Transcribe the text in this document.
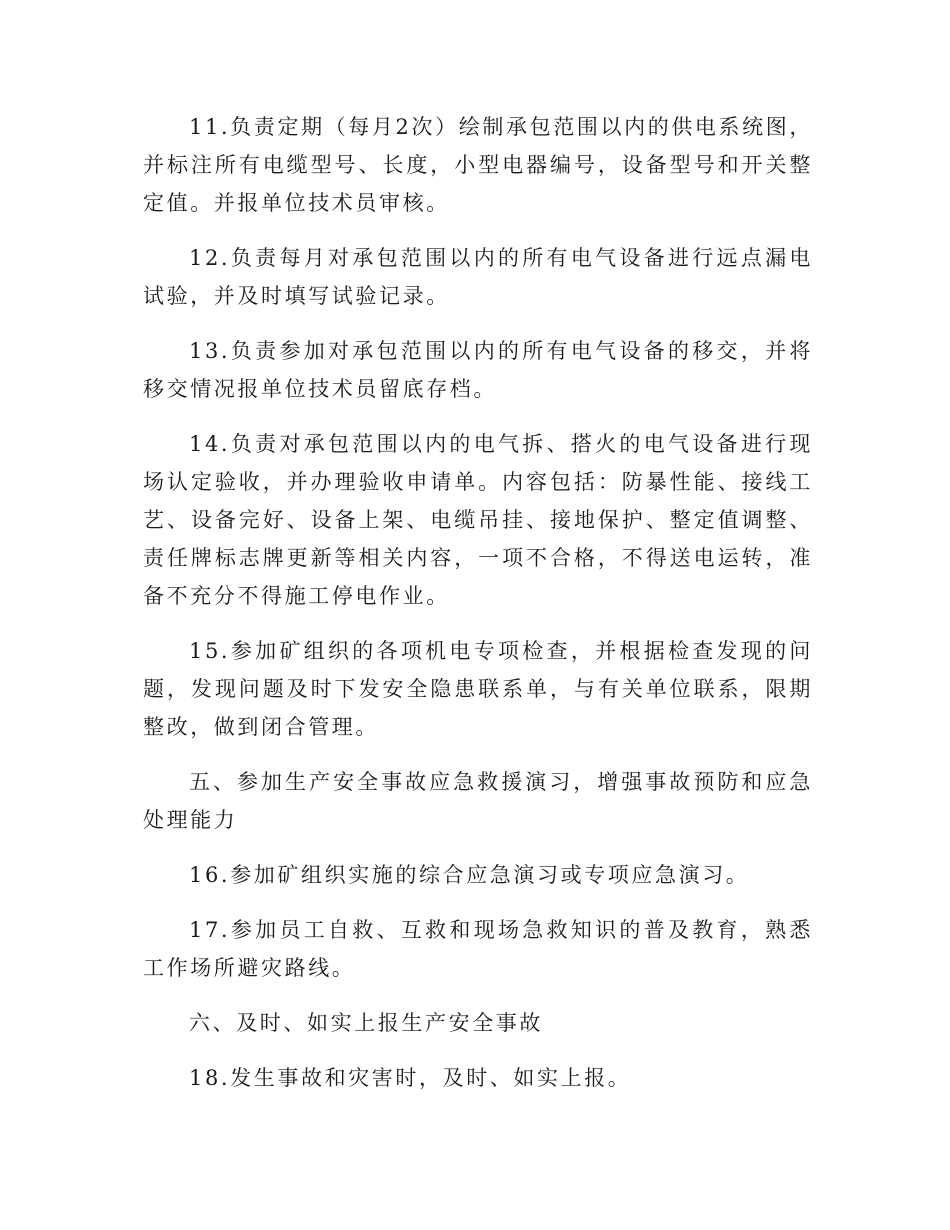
11.负责定期（每月2次）绘制承包范围以内的供电系统图，并标注所有电缆型号、长度，小型电器编号，设备型号和开关整定值。并报单位技术员审核。

12.负责每月对承包范围以内的所有电气设备进行远点漏电试验，并及时填写试验记录。

13.负责参加对承包范围以内的所有电气设备的移交，并将移交情况报单位技术员留底存档。

14.负责对承包范围以内的电气拆、搭火的电气设备进行现场认定验收，并办理验收申请单。内容包括：防暴性能、接线工艺、设备完好、设备上架、电缆吊挂、接地保护、整定值调整、责任牌标志牌更新等相关内容，一项不合格，不得送电运转，准备不充分不得施工停电作业。

15.参加矿组织的各项机电专项检查，并根据检查发现的问题，发现问题及时下发安全隐患联系单，与有关单位联系，限期整改，做到闭合管理。

五、参加生产安全事故应急救援演习，增强事故预防和应急处理能力

16.参加矿组织实施的综合应急演习或专项应急演习。

17.参加员工自救、互救和现场急救知识的普及教育，熟悉工作场所避灾路线。

六、及时、如实上报生产安全事故

18.发生事故和灾害时，及时、如实上报。
